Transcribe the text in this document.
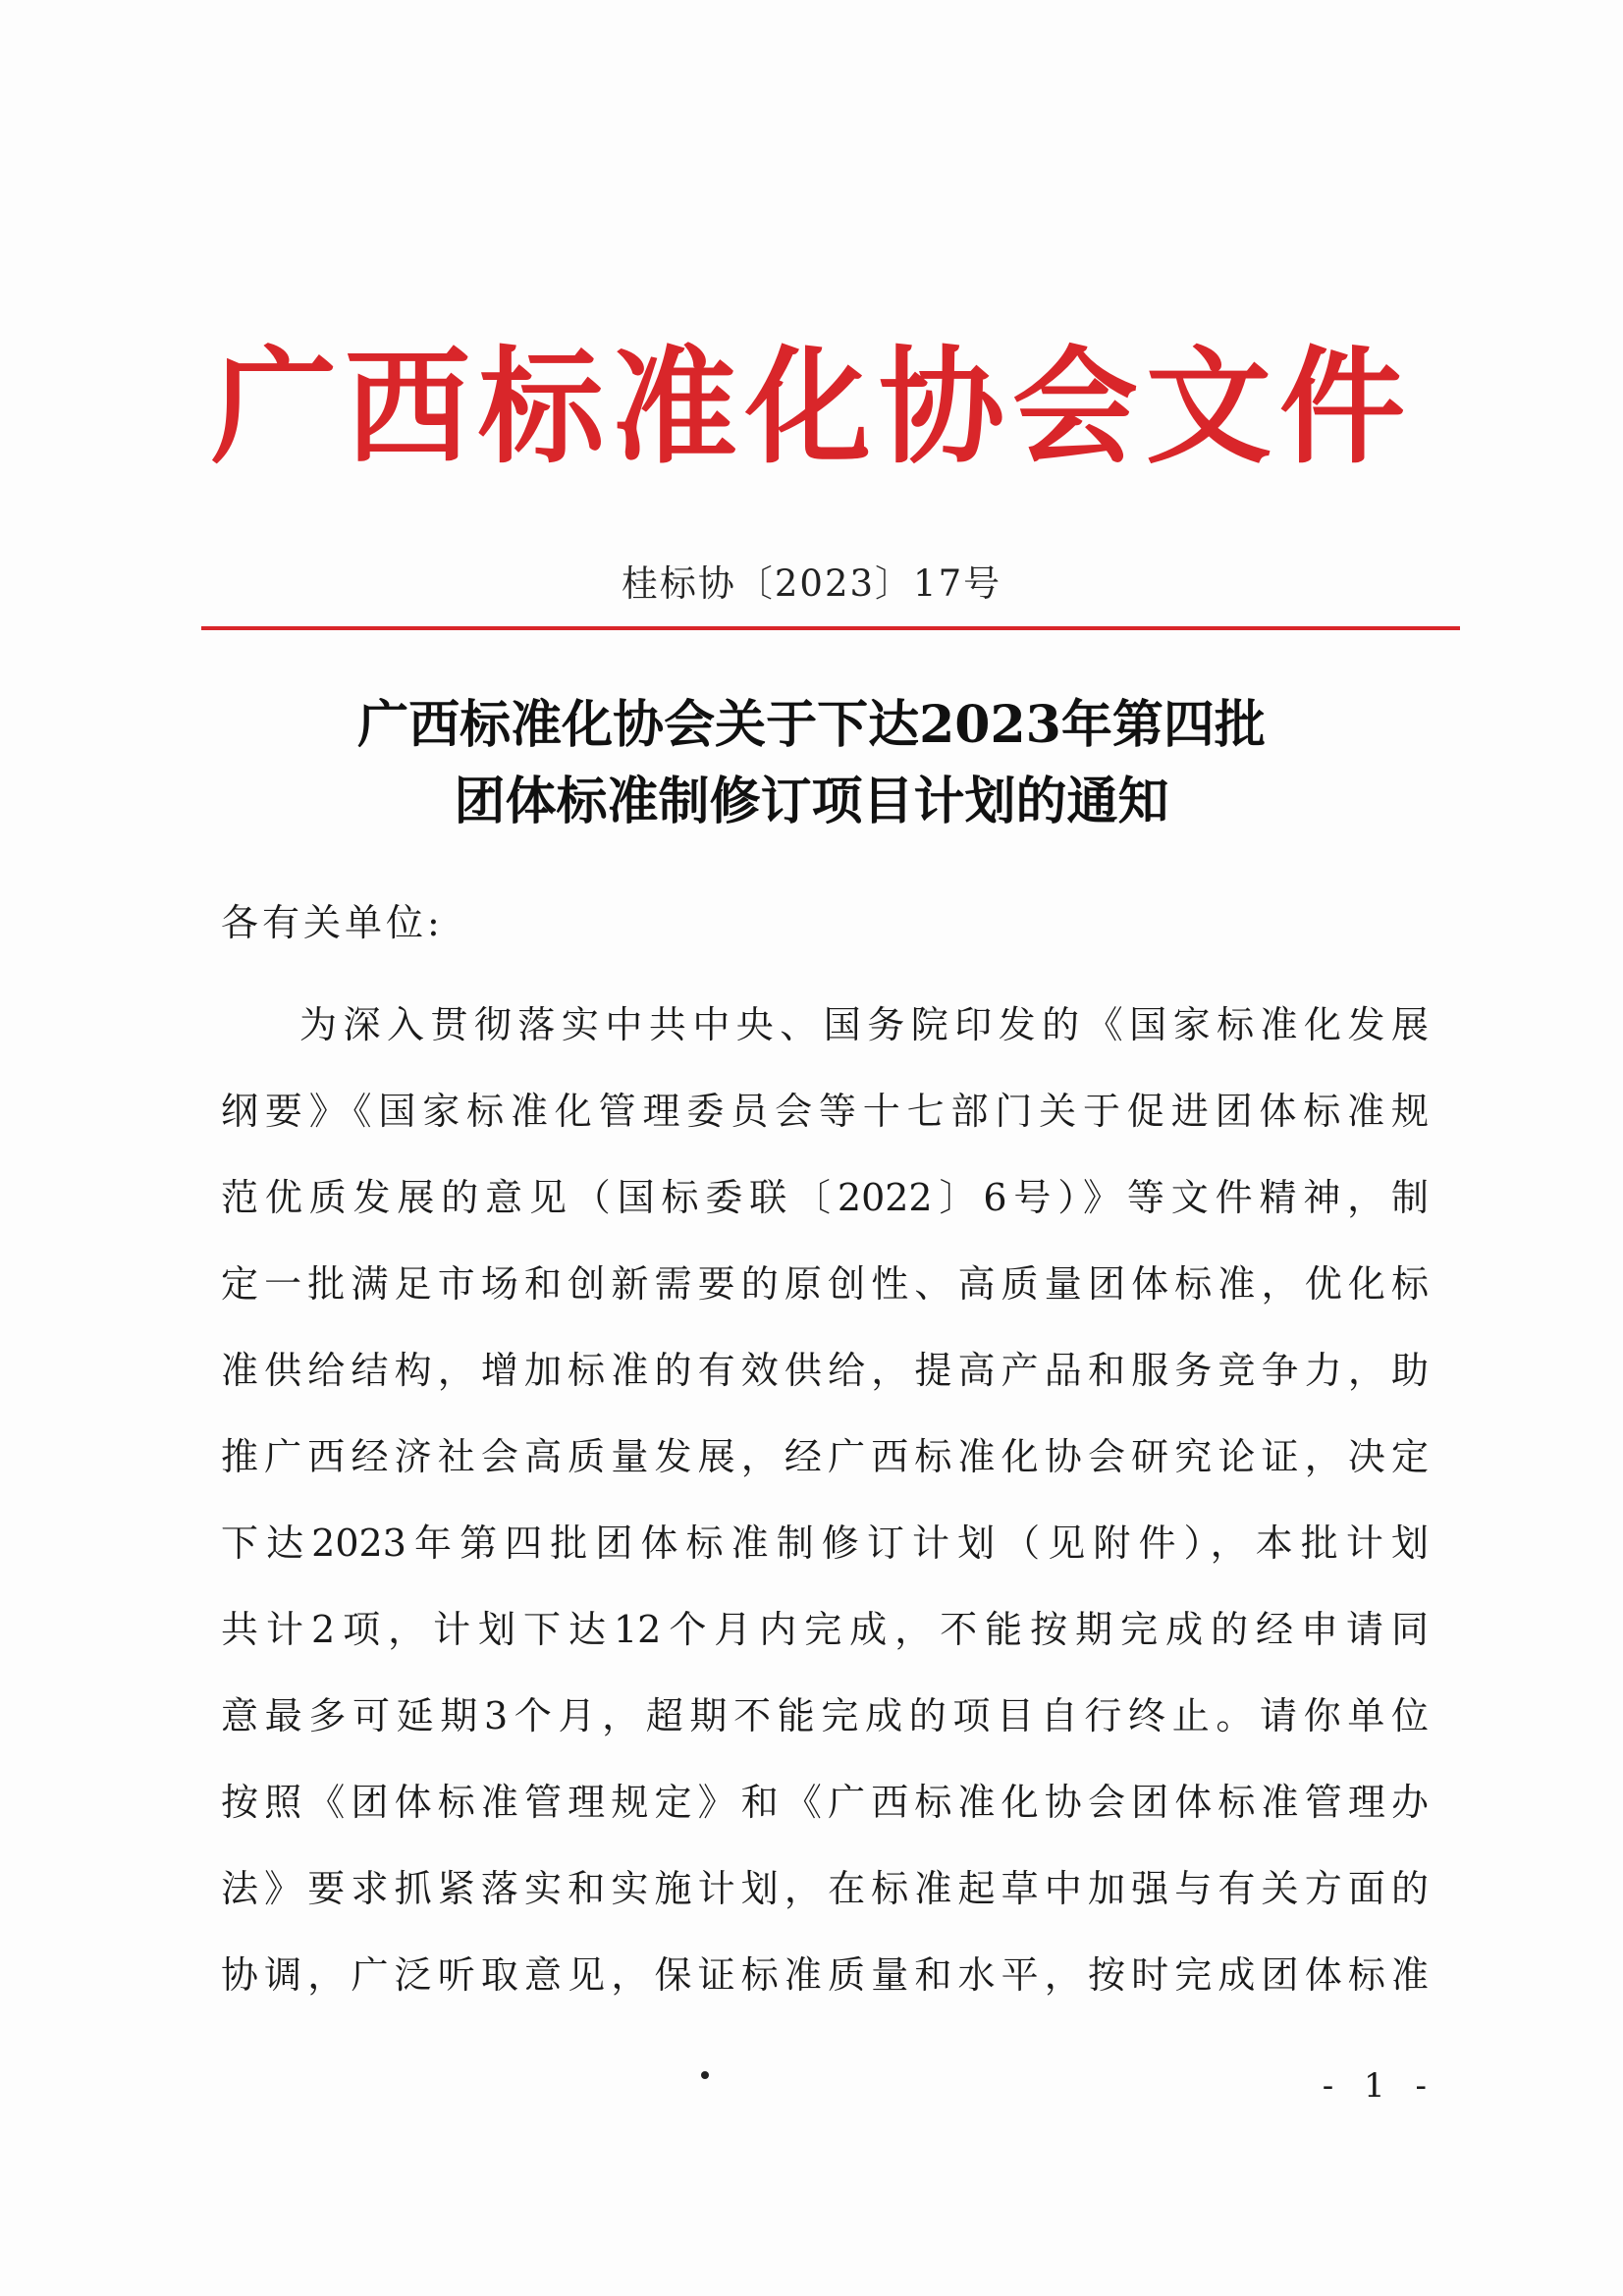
广西标准化协会文件
桂标协〔2023〕17号
广西标准化协会关于下达2023年第四批
团体标准制修订项目计划的通知
各有关单位:
为深入贯彻落实中共中央、国务院印发的《国家标准化发展
纲要》《国家标准化管理委员会等十七部门关于促进团体标准规
范优质发展的意见（国标委联〔2022〕6号）》等文件精神，制
定一批满足市场和创新需要的原创性、高质量团体标准，优化标
准供给结构，增加标准的有效供给，提高产品和服务竞争力，助
推广西经济社会高质量发展，经广西标准化协会研究论证，决定
下达2023年第四批团体标准制修订计划（见附件），本批计划
共计2项，计划下达12个月内完成，不能按期完成的经申请同
意最多可延期3个月，超期不能完成的项目自行终止。请你单位
按照《团体标准管理规定》和《广西标准化协会团体标准管理办
法》要求抓紧落实和实施计划，在标准起草中加强与有关方面的
协调，广泛听取意见，保证标准质量和水平，按时完成团体标准
- 1 -
